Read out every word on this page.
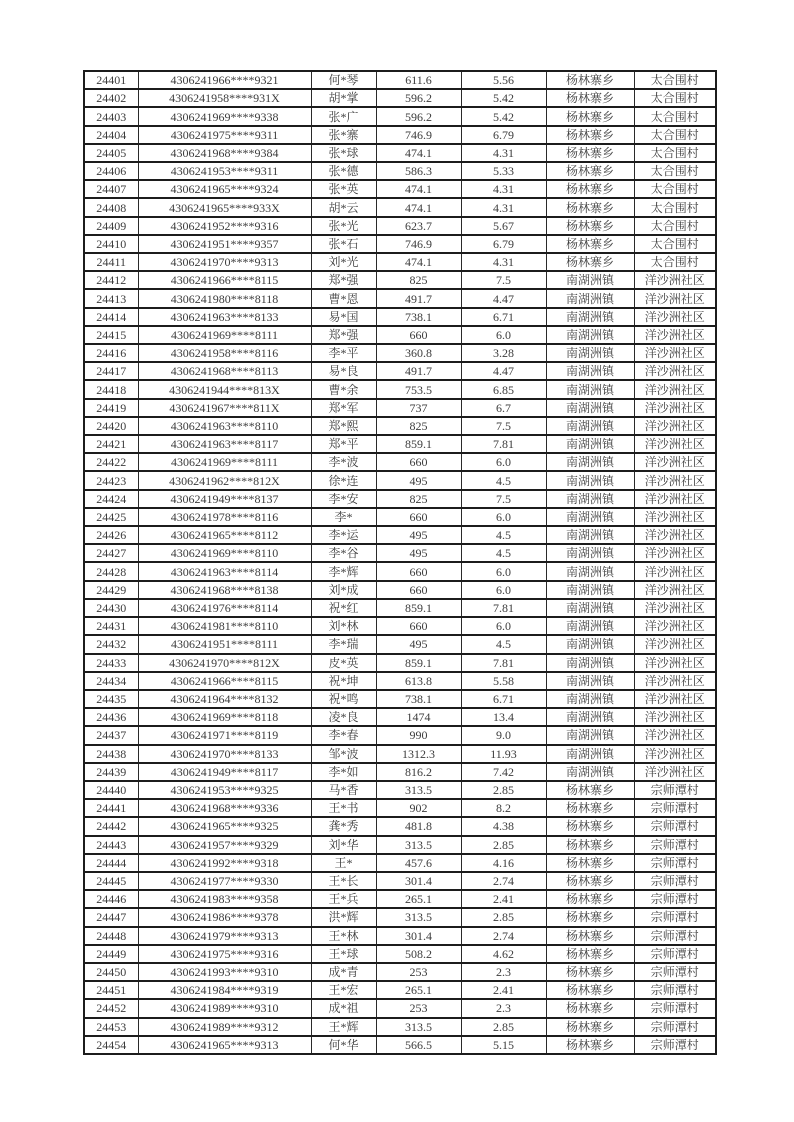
24401	4306241966****9321	何*琴	611.6	5.56	杨林寨乡	太合围村
24402	4306241958****931X	胡*掌	596.2	5.42	杨林寨乡	太合围村
24403	4306241969****9338	张*广	596.2	5.42	杨林寨乡	太合围村
24404	4306241975****9311	张*寨	746.9	6.79	杨林寨乡	太合围村
24405	4306241968****9384	张*球	474.1	4.31	杨林寨乡	太合围村
24406	4306241953****9311	张*德	586.3	5.33	杨林寨乡	太合围村
24407	4306241965****9324	张*英	474.1	4.31	杨林寨乡	太合围村
24408	4306241965****933X	胡*云	474.1	4.31	杨林寨乡	太合围村
24409	4306241952****9316	张*光	623.7	5.67	杨林寨乡	太合围村
24410	4306241951****9357	张*石	746.9	6.79	杨林寨乡	太合围村
24411	4306241970****9313	刘*光	474.1	4.31	杨林寨乡	太合围村
24412	4306241966****8115	郑*强	825	7.5	南湖洲镇	洋沙洲社区
24413	4306241980****8118	曹*恩	491.7	4.47	南湖洲镇	洋沙洲社区
24414	4306241963****8133	易*国	738.1	6.71	南湖洲镇	洋沙洲社区
24415	4306241969****8111	郑*强	660	6.0	南湖洲镇	洋沙洲社区
24416	4306241958****8116	李*平	360.8	3.28	南湖洲镇	洋沙洲社区
24417	4306241968****8113	易*良	491.7	4.47	南湖洲镇	洋沙洲社区
24418	4306241944****813X	曹*余	753.5	6.85	南湖洲镇	洋沙洲社区
24419	4306241967****811X	郑*军	737	6.7	南湖洲镇	洋沙洲社区
24420	4306241963****8110	郑*熙	825	7.5	南湖洲镇	洋沙洲社区
24421	4306241963****8117	郑*平	859.1	7.81	南湖洲镇	洋沙洲社区
24422	4306241969****8111	李*波	660	6.0	南湖洲镇	洋沙洲社区
24423	4306241962****812X	徐*连	495	4.5	南湖洲镇	洋沙洲社区
24424	4306241949****8137	李*安	825	7.5	南湖洲镇	洋沙洲社区
24425	4306241978****8116	李*	660	6.0	南湖洲镇	洋沙洲社区
24426	4306241965****8112	李*运	495	4.5	南湖洲镇	洋沙洲社区
24427	4306241969****8110	李*谷	495	4.5	南湖洲镇	洋沙洲社区
24428	4306241963****8114	李*辉	660	6.0	南湖洲镇	洋沙洲社区
24429	4306241968****8138	刘*成	660	6.0	南湖洲镇	洋沙洲社区
24430	4306241976****8114	祝*红	859.1	7.81	南湖洲镇	洋沙洲社区
24431	4306241981****8110	刘*林	660	6.0	南湖洲镇	洋沙洲社区
24432	4306241951****8111	李*瑞	495	4.5	南湖洲镇	洋沙洲社区
24433	4306241970****812X	皮*英	859.1	7.81	南湖洲镇	洋沙洲社区
24434	4306241966****8115	祝*坤	613.8	5.58	南湖洲镇	洋沙洲社区
24435	4306241964****8132	祝*鸣	738.1	6.71	南湖洲镇	洋沙洲社区
24436	4306241969****8118	凌*良	1474	13.4	南湖洲镇	洋沙洲社区
24437	4306241971****8119	李*春	990	9.0	南湖洲镇	洋沙洲社区
24438	4306241970****8133	邹*波	1312.3	11.93	南湖洲镇	洋沙洲社区
24439	4306241949****8117	李*如	816.2	7.42	南湖洲镇	洋沙洲社区
24440	4306241953****9325	马*香	313.5	2.85	杨林寨乡	宗师潭村
24441	4306241968****9336	王*书	902	8.2	杨林寨乡	宗师潭村
24442	4306241965****9325	龚*秀	481.8	4.38	杨林寨乡	宗师潭村
24443	4306241957****9329	刘*华	313.5	2.85	杨林寨乡	宗师潭村
24444	4306241992****9318	王*	457.6	4.16	杨林寨乡	宗师潭村
24445	4306241977****9330	王*长	301.4	2.74	杨林寨乡	宗师潭村
24446	4306241983****9358	王*兵	265.1	2.41	杨林寨乡	宗师潭村
24447	4306241986****9378	洪*辉	313.5	2.85	杨林寨乡	宗师潭村
24448	4306241979****9313	王*林	301.4	2.74	杨林寨乡	宗师潭村
24449	4306241975****9316	王*球	508.2	4.62	杨林寨乡	宗师潭村
24450	4306241993****9310	成*青	253	2.3	杨林寨乡	宗师潭村
24451	4306241984****9319	王*宏	265.1	2.41	杨林寨乡	宗师潭村
24452	4306241989****9310	成*祖	253	2.3	杨林寨乡	宗师潭村
24453	4306241989****9312	王*辉	313.5	2.85	杨林寨乡	宗师潭村
24454	4306241965****9313	何*华	566.5	5.15	杨林寨乡	宗师潭村
